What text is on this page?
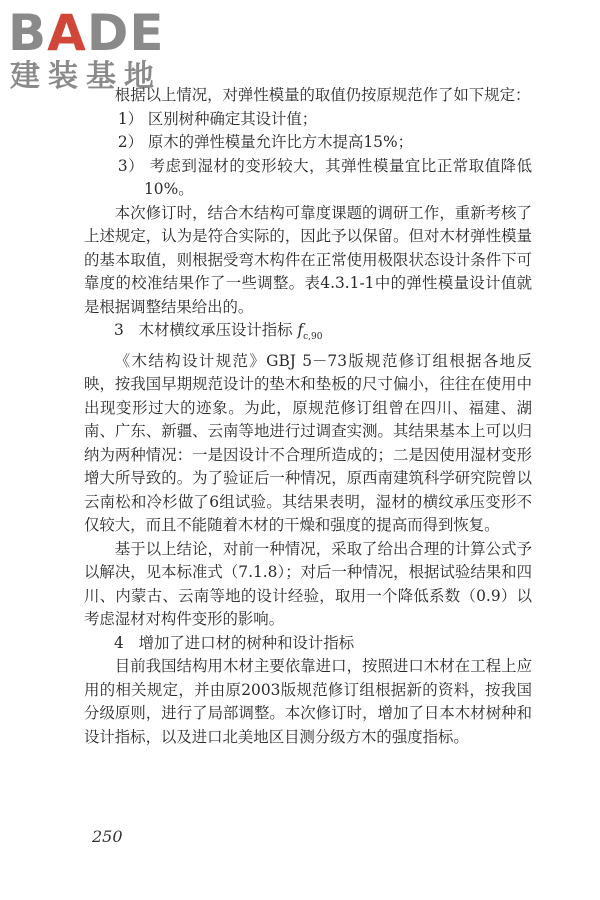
BADE
建装基地

根据以上情况，对弹性模量的取值仍按原规范作了如下规定：

1） 区别树种确定其设计值；

2） 原木的弹性模量允许比方木提高15%；

3） 考虑到湿材的变形较大，其弹性模量宜比正常取值降低10%。

本次修订时，结合木结构可靠度课题的调研工作，重新考核了上述规定，认为是符合实际的，因此予以保留。但对木材弹性模量的基本取值，则根据受弯木构件在正常使用极限状态设计条件下可靠度的校准结果作了一些调整。表4.3.1-1中的弹性模量设计值就是根据调整结果给出的。

3 木材横纹承压设计指标 $f_{c,90}$

《木结构设计规范》GBJ 5－73版规范修订组根据各地反映，按我国早期规范设计的垫木和垫板的尺寸偏小，往往在使用中出现变形过大的迹象。为此，原规范修订组曾在四川、福建、湖南、广东、新疆、云南等地进行过调查实测。其结果基本上可以归纳为两种情况：一是因设计不合理所造成的；二是因使用湿材变形增大所导致的。为了验证后一种情况，原西南建筑科学研究院曾以云南松和冷杉做了6组试验。其结果表明，湿材的横纹承压变形不仅较大，而且不能随着木材的干燥和强度的提高而得到恢复。

基于以上结论，对前一种情况，采取了给出合理的计算公式予以解决，见本标准式（7.1.8）；对后一种情况，根据试验结果和四川、内蒙古、云南等地的设计经验，取用一个降低系数（0.9）以考虑湿材对构件变形的影响。

4 增加了进口材的树种和设计指标

目前我国结构用木材主要依靠进口，按照进口木材在工程上应用的相关规定，并由原2003版规范修订组根据新的资料，按我国分级原则，进行了局部调整。本次修订时，增加了日本木材树种和设计指标，以及进口北美地区目测分级方木的强度指标。

250
